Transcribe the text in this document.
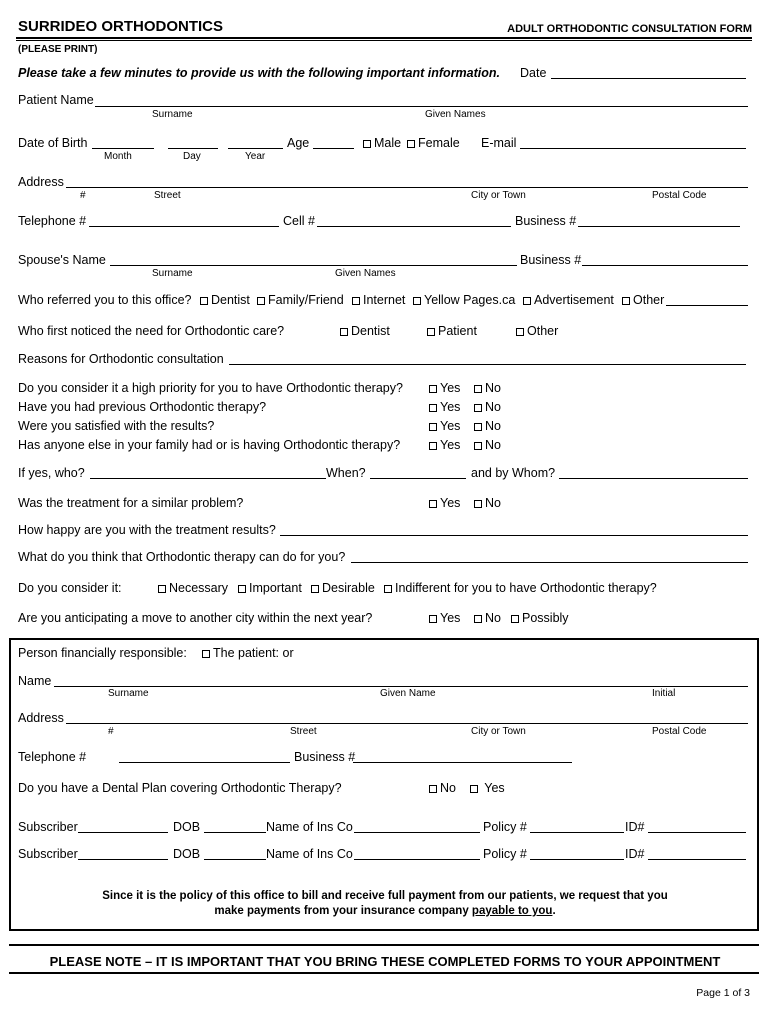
SURRIDEO ORTHODONTICS	ADULT ORTHODONTIC CONSULTATION FORM
(PLEASE PRINT)
Please take a few minutes to provide us with the following important information. Date
Patient Name
Surname	Given Names
Date of Birth
Month	Day	Year
Age	Male	Female E-mail
Address
#	Street	City or Town	Postal Code
Telephone #	Cell #	Business #
Spouse's Name	Business #
Surname	Given Names
Who referred you to this office?	Dentist	Family/Friend	Internet	Yellow Pages.ca	Advertisement	Other
Who first noticed the need for Orthodontic care?	Dentist	Patient	Other
Reasons for Orthodontic consultation
Do you consider it a high priority for you to have Orthodontic therapy?	Yes	No
Have you had previous Orthodontic therapy?	Yes	No
Were you satisfied with the results?	Yes	No
Has anyone else in your family had or is having Orthodontic therapy?	Yes	No
If yes, who?	When?	and by Whom?
Was the treatment for a similar problem?	Yes	No
How happy are you with the treatment results?
What do you think that Orthodontic therapy can do for you?
Do you consider it:	Necessary	Important	Desirable	Indifferent for you to have Orthodontic therapy?
Are you anticipating a move to another city within the next year?	Yes	No	Possibly
Person financially responsible:	The patient: or
Name
Surname	Given Name	Initial
Address
#	Street	City or Town	Postal Code
Telephone #	Business #
Do you have a Dental Plan covering Orthodontic Therapy?	No	Yes
Subscriber	DOB	Name of Ins Co	Policy #	ID#
Subscriber	DOB	Name of Ins Co	Policy #	ID#
Since it is the policy of this office to bill and receive full payment from our patients, we request that you
make payments from your insurance company payable to you.
PLEASE NOTE – IT IS IMPORTANT THAT YOU BRING THESE COMPLETED FORMS TO YOUR APPOINTMENT
Page 1 of 3
